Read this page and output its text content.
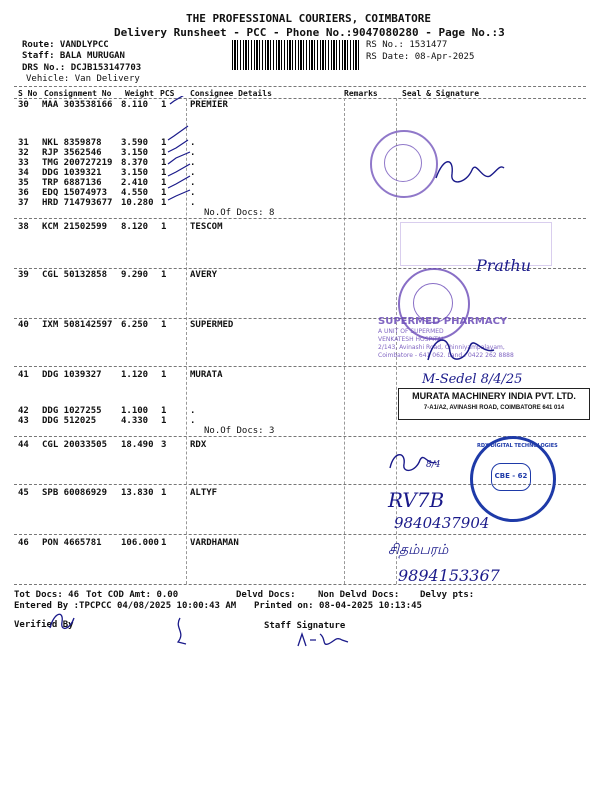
THE PROFESSIONAL COURIERS, COIMBATORE
Delivery Runsheet - PCC - Phone No.:9047080280 - Page No.:3
Route: VANDLYPCC
Staff: BALA MURUGAN
DRS No.: DCJB153147703
Vehicle: Van Delivery
RS No.: 1531477
RS Date: 08-Apr-2025
S No Consignment No Weight PCS Consignee Details	Remarks	Seal & Signature
30 MAA 303538166 8.110 1	PREMIER
31 NKL 8359878 3.590 1	.
32 RJP 3562546 3.150 1	.
33 TMG 200727219 8.370 1	.
34 DDG 1039321 3.150 1	.
35 TRP 6887136 2.410 1	.
36 EDQ 15074973 4.550 1	.
37 HRD 714793677 10.280 1	.
38 KCM 21502599 8.120 1	TESCOM
39 CGL 50132858 9.290 1	AVERY
40 IXM 508142597 6.250 1	SUPERMED
41 DDG 1039327 1.120 1	MURATA
42 DDG 1027255 1.100 1	.
43 DDG 512025	4.330 1	.
44 CGL 20033505 18.490 3	RDX
45 SPB 60086929 13.830 1	ALTYF
46 PON 4665781 106.000 1	VARDHAMAN
No.Of Docs: 8
No.Of Docs: 3
Prathu
SUPERMED PHARMACY
A UNIT OF SUPERMED
VENKATESH HOSPITAL
2/143, Avinashi Road, Chinniyampalayam,
Coimbatore - 641 062. Land : 0422 262 8888
M-Sedel 8/4/25
MURATA MACHINERY INDIA PVT. LTD.
7-A1/A2, AVINASHI ROAD, COIMBATORE 641 014
8/4
RDX DIGITAL TECHNOLOGIES
CBE - 62
RV7B
9840437904
சிதம்பரம்
9894153367
Tot Docs: 46 Tot COD Amt: 0.00	Delvd Docs: Non Delvd Docs: Delvy pts:
Entered By :TPCPCC 04/08/2025 10:00:43 AM Printed on: 08-04-2025 10:13:45
Verified By	Staff Signature
